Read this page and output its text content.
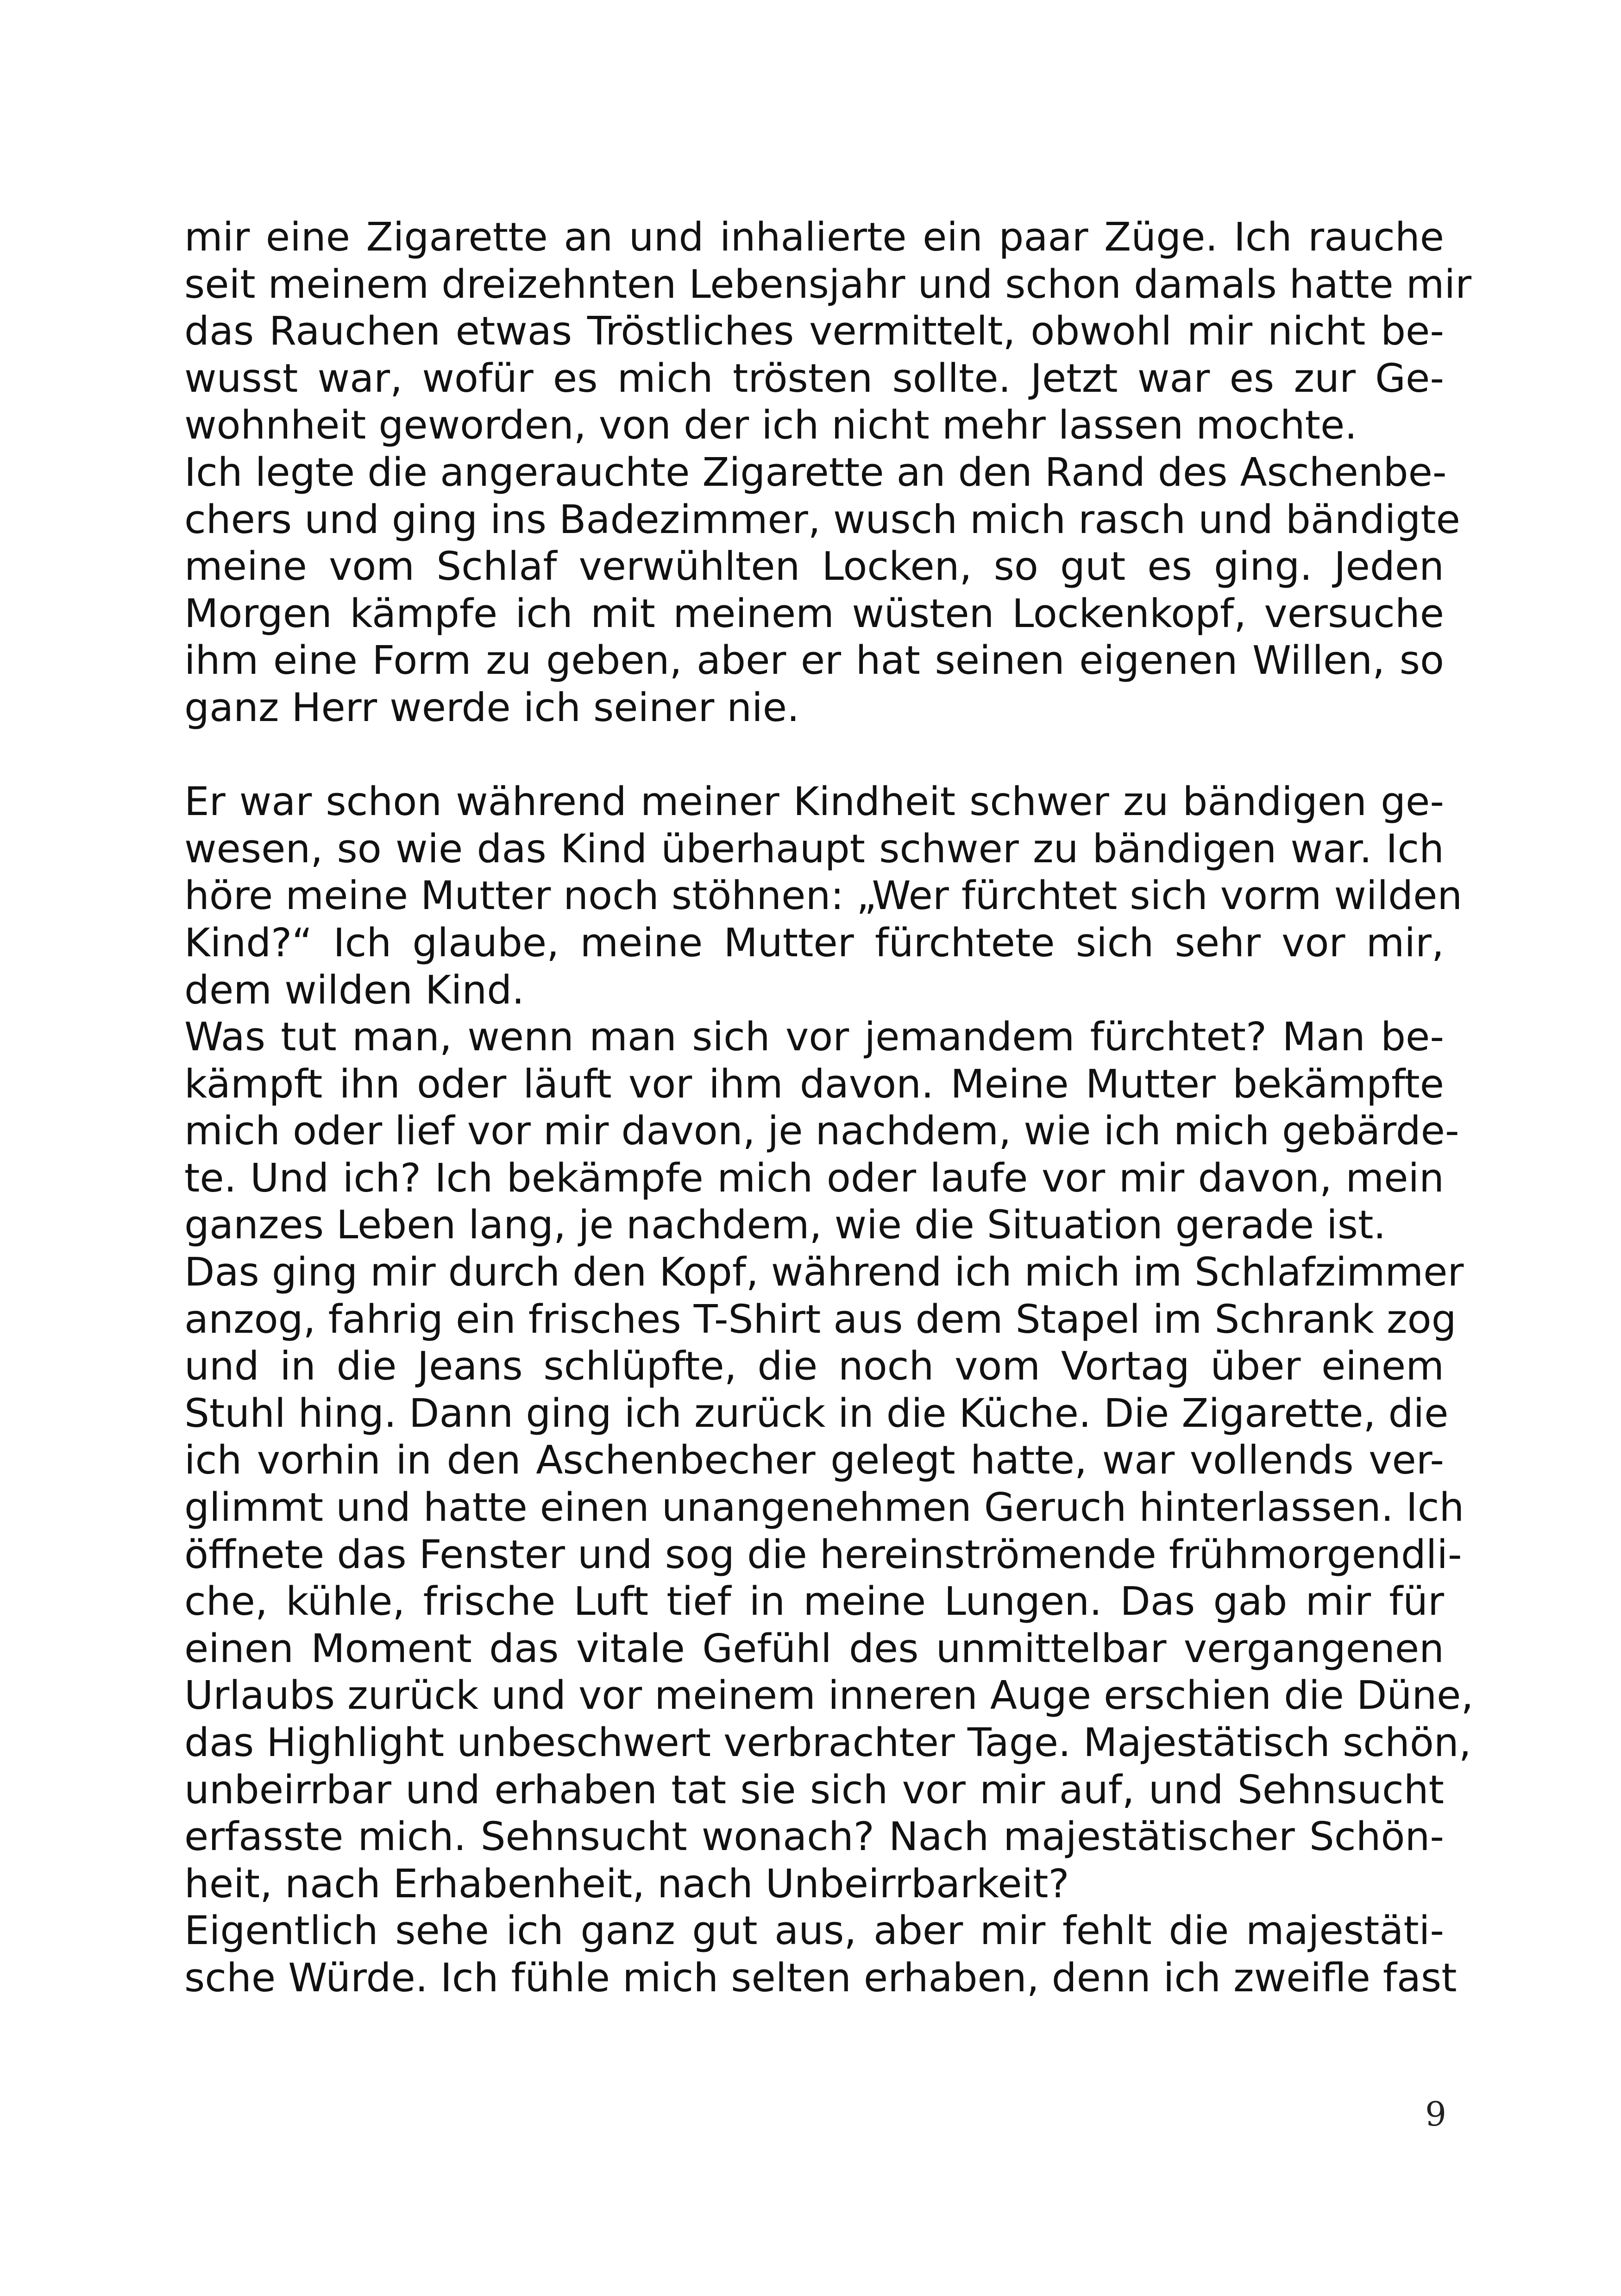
mir eine Zigarette an und inhalierte ein paar Züge. Ich rauche
seit meinem dreizehnten Lebensjahr und schon damals hatte mir
das Rauchen etwas Tröstliches vermittelt, obwohl mir nicht be-
wusst war, wofür es mich trösten sollte. Jetzt war es zur Ge-
wohnheit geworden, von der ich nicht mehr lassen mochte.
Ich legte die angerauchte Zigarette an den Rand des Aschenbe-
chers und ging ins Badezimmer, wusch mich rasch und bändigte
meine vom Schlaf verwühlten Locken, so gut es ging. Jeden
Morgen kämpfe ich mit meinem wüsten Lockenkopf, versuche
ihm eine Form zu geben, aber er hat seinen eigenen Willen, so
ganz Herr werde ich seiner nie.
Er war schon während meiner Kindheit schwer zu bändigen ge-
wesen, so wie das Kind überhaupt schwer zu bändigen war. Ich
höre meine Mutter noch stöhnen: „Wer fürchtet sich vorm wilden
Kind?“ Ich glaube, meine Mutter fürchtete sich sehr vor mir,
dem wilden Kind.
Was tut man, wenn man sich vor jemandem fürchtet? Man be-
kämpft ihn oder läuft vor ihm davon. Meine Mutter bekämpfte
mich oder lief vor mir davon, je nachdem, wie ich mich gebärde-
te. Und ich? Ich bekämpfe mich oder laufe vor mir davon, mein
ganzes Leben lang, je nachdem, wie die Situation gerade ist.
Das ging mir durch den Kopf, während ich mich im Schlafzimmer
anzog, fahrig ein frisches T-Shirt aus dem Stapel im Schrank zog
und in die Jeans schlüpfte, die noch vom Vortag über einem
Stuhl hing. Dann ging ich zurück in die Küche. Die Zigarette, die
ich vorhin in den Aschenbecher gelegt hatte, war vollends ver-
glimmt und hatte einen unangenehmen Geruch hinterlassen. Ich
öffnete das Fenster und sog die hereinströmende frühmorgendli-
che, kühle, frische Luft tief in meine Lungen. Das gab mir für
einen Moment das vitale Gefühl des unmittelbar vergangenen
Urlaubs zurück und vor meinem inneren Auge erschien die Düne,
das Highlight unbeschwert verbrachter Tage. Majestätisch schön,
unbeirrbar und erhaben tat sie sich vor mir auf, und Sehnsucht
erfasste mich. Sehnsucht wonach? Nach majestätischer Schön-
heit, nach Erhabenheit, nach Unbeirrbarkeit?
Eigentlich sehe ich ganz gut aus, aber mir fehlt die majestäti-
sche Würde. Ich fühle mich selten erhaben, denn ich zweifle fast
9
